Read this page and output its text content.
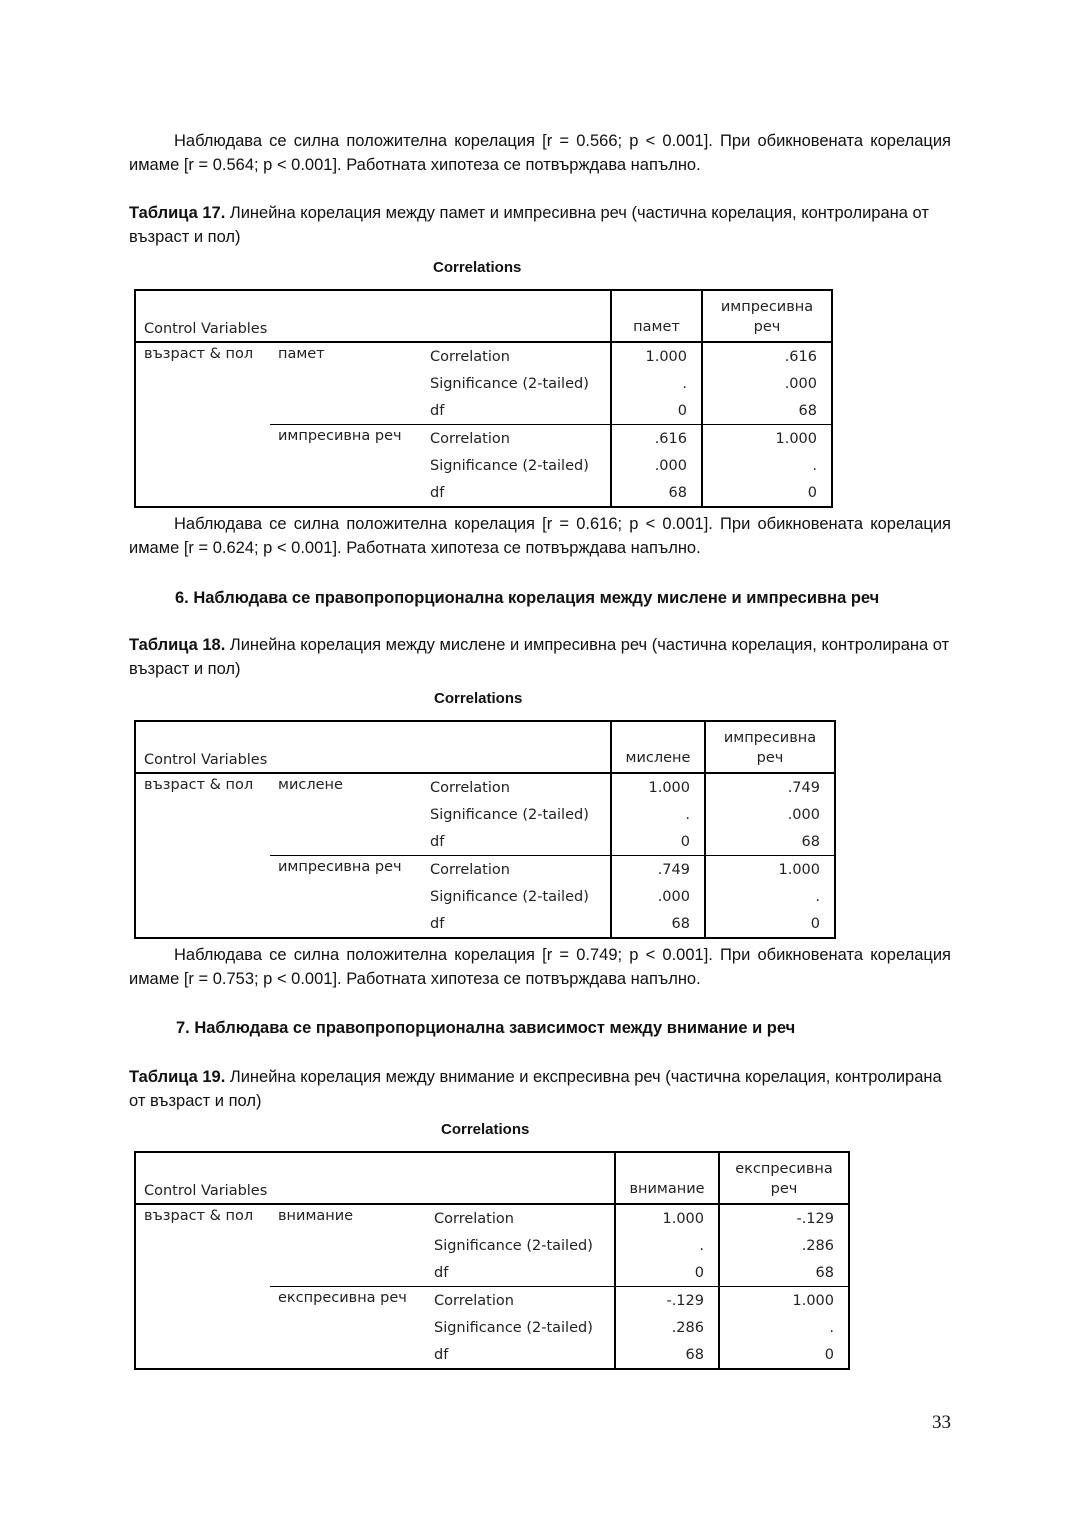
Наблюдава се силна положителна корелация [r = 0.566; p < 0.001]. При обикновената корелация имаме [r = 0.564; p < 0.001]. Работната хипотеза се потвърждава напълно.

Таблица 17. Линейна корелация между памет и импресивна реч (частична корелация, контролирана от възраст и пол)

Correlations
Control Variables			памет	импресивна реч
възраст & пол	памет	Correlation	1.000	.616
		Significance (2-tailed)	.	.000
		df	0	68
	импресивна реч	Correlation	.616	1.000
		Significance (2-tailed)	.000	.
		df	68	0

Наблюдава се силна положителна корелация [r = 0.616; p < 0.001]. При обикновената корелация имаме [r = 0.624; p < 0.001]. Работната хипотеза се потвърждава напълно.

6. Наблюдава се правопропорционална корелация между мислене и импресивна реч

Таблица 18. Линейна корелация между мислене и импресивна реч (частична корелация, контролирана от възраст и пол)

Correlations
Control Variables			мислене	импресивна реч
възраст & пол	мислене	Correlation	1.000	.749
		Significance (2-tailed)	.	.000
		df	0	68
	импресивна реч	Correlation	.749	1.000
		Significance (2-tailed)	.000	.
		df	68	0

Наблюдава се силна положителна корелация [r = 0.749; p < 0.001]. При обикновената корелация имаме [r = 0.753; p < 0.001]. Работната хипотеза се потвърждава напълно.

7. Наблюдава се правопропорционална зависимост между внимание и реч

Таблица 19. Линейна корелация между внимание и експресивна реч (частична корелация, контролирана от възраст и пол)

Correlations
Control Variables			внимание	експресивна реч
възраст & пол	внимание	Correlation	1.000	-.129
		Significance (2-tailed)	.	.286
		df	0	68
	експресивна реч	Correlation	-.129	1.000
		Significance (2-tailed)	.286	.
		df	68	0
33
